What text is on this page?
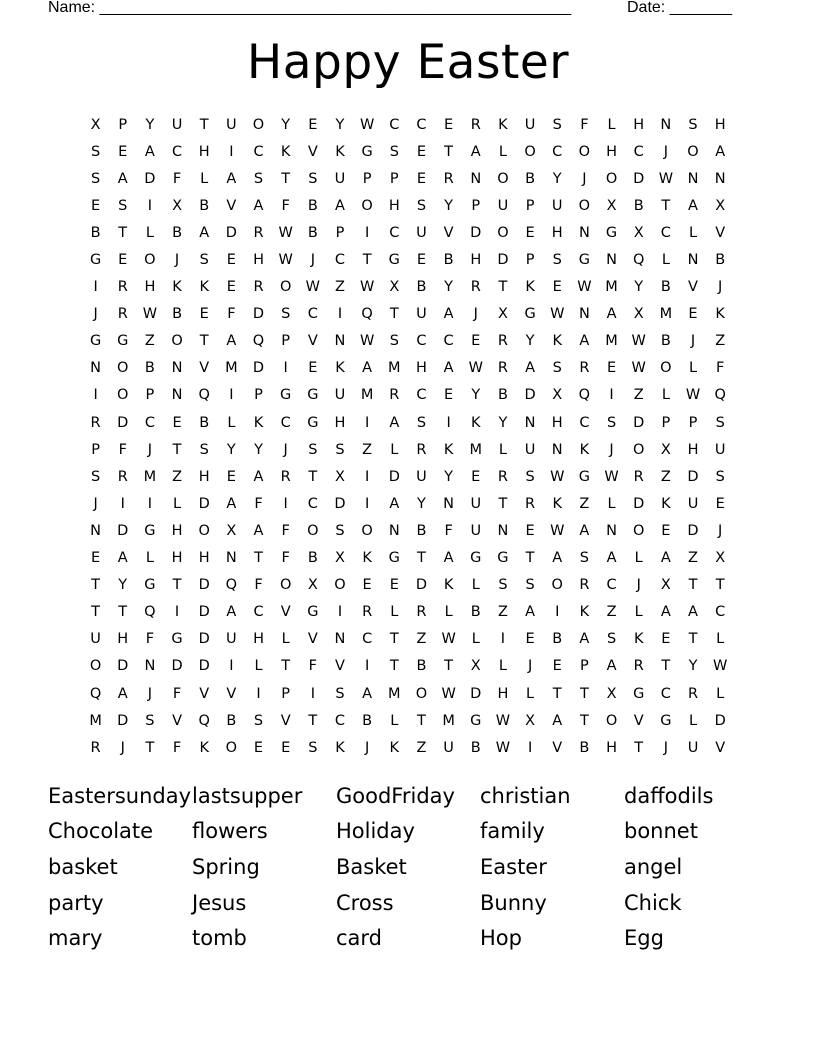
Name: _____________________________________________________

	Date: _______

Happy Easter
X	P	Y	U	T	U	O	Y	E	Y	W	C	C	E	R	K	U	S	F	L	H	N	S	H
S	E	A	C	H	I	C	K	V	K	G	S	E	T	A	L	O	C	O	H	C	J	O	A
S	A	D	F	L	A	S	T	S	U	P	P	E	R	N	O	B	Y	J	O	D W	N	N
E	S	I	X	B	V	A	F	B	A	O	H	S	Y	P	U	P	U	O	X	B	T	A	X
B	T	L	B	A	D	R	W	B	P	I	C	U	V	D	O	E	H	N	G	X	C	L	V
G	E	O	J	S	E	H	W	J	C	T	G	E	B	H	D	P	S	G	N	Q	L	N	B
I	R	H	K	K	E	R	O W	Z	W	X	B	Y	R	T	K	E	W M	Y	B	V	J
J	R	W	B	E	F	D	S	C	I	Q	T	U	A	J	X	G W	N	A	X	M	E	K
G	G	Z	O	T	A	Q	P	V	N	W	S	C	C	E	R	Y	K	A	M W	B	J	Z
N	O	B	N	V	M	D	I	E	K	A	M	H	A	W	R	A	S	R	E	W O	L	F
I	O	P	N	Q	I	P	G	G	U	M	R	C	E	Y	B	D	X	Q	I	Z	L	W Q
R	D	C	E	B	L	K	C	G	H	I	A	S	I	K	Y	N	H	C	S	D	P	P	S
P	F	J	T	S	Y	Y	J	S	S	Z	L	R	K	M	L	U	N	K	J	O	X	H	U
S	R	M	Z	H	E	A	R	T	X	I	D	U	Y	E	R	S	W G W	R	Z	D	S
J	I	I	L	D	A	F	I	C	D	I	A	Y	N	U	T	R	K	Z	L	D	K	U	E
N	D	G	H	O	X	A	F	O	S	O	N	B	F	U	N	E	W	A	N	O	E	D	J
E	A	L	H	H	N	T	F	B	X	K	G	T	A	G	G	T	A	S	A	L	A	Z	X
T	Y	G	T	D	Q	F	O	X	O	E	E	D	K	L	S	S	O	R	C	J	X	T	T
T	T	Q	I	D	A	C	V	G	I	R	L	R	L	B	Z	A	I	K	Z	L	A	A	C
U	H	F	G	D	U	H	L	V	N	C	T	Z	W	L	I	E	B	A	S	K	E	T	L
O	D	N	D	D	I	L	T	F	V	I	T	B	T	X	L	J	E	P	A	R	T	Y	W
Q	A	J	F	V	V	I	P	I	S	A	M	O W D	H	L	T	T	X	G	C	R	L
M	D	S	V	Q	B	S	V	T	C	B	L	T	M	G W	X	A	T	O	V	G	L	D
R	J	T	F	K	O	E	E	S	K	J	K	Z	U	B	W	I	V	B	H	T	J	U	V
Eastersunday lastsupper	GoodFriday	christian	daffodils
Chocolate	flowers	Holiday	family	bonnet
basket	Spring	Basket	Easter	angel
party	Jesus	Cross	Bunny	Chick
mary	tomb	card	Hop	Egg
